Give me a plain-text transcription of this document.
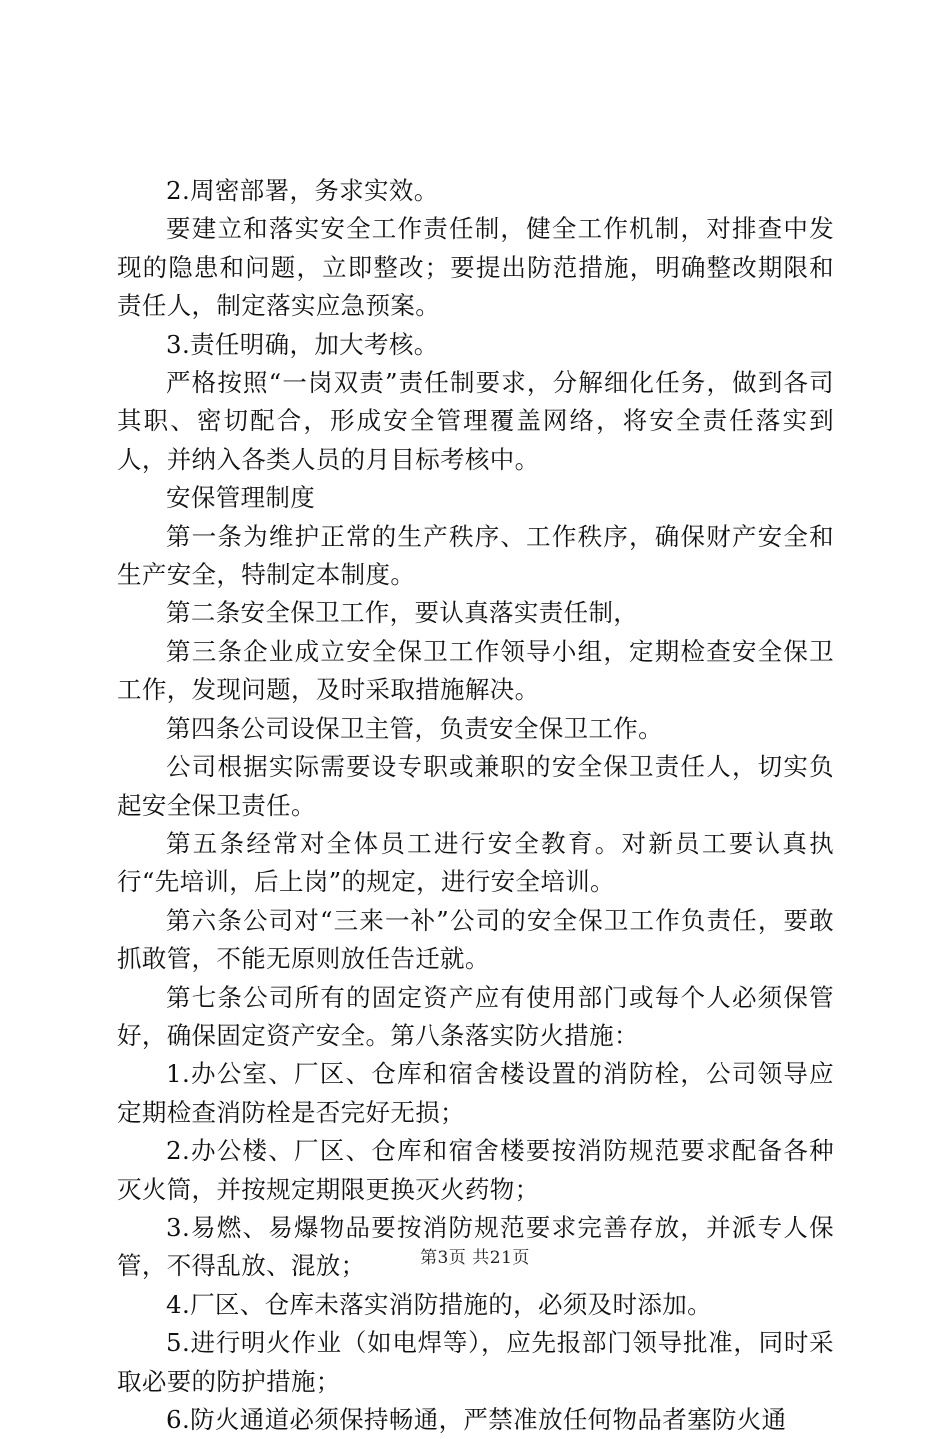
2.周密部署，务求实效。

要建立和落实安全工作责任制，健全工作机制，对排查中发现的隐患和问题，立即整改；要提出防范措施，明确整改期限和责任人，制定落实应急预案。

3.责任明确，加大考核。

严格按照“一岗双责”责任制要求，分解细化任务，做到各司其职、密切配合，形成安全管理覆盖网络，将安全责任落实到人，并纳入各类人员的月目标考核中。

安保管理制度

第一条为维护正常的生产秩序、工作秩序，确保财产安全和生产安全，特制定本制度。

第二条安全保卫工作，要认真落实责任制，

第三条企业成立安全保卫工作领导小组，定期检查安全保卫工作，发现问题，及时采取措施解决。

第四条公司设保卫主管，负责安全保卫工作。

公司根据实际需要设专职或兼职的安全保卫责任人，切实负起安全保卫责任。

第五条经常对全体员工进行安全教育。对新员工要认真执行“先培训，后上岗”的规定，进行安全培训。

第六条公司对“三来一补”公司的安全保卫工作负责任，要敢抓敢管，不能无原则放任告迁就。

第七条公司所有的固定资产应有使用部门或每个人必须保管好，确保固定资产安全。第八条落实防火措施：

1.办公室、厂区、仓库和宿舍楼设置的消防栓，公司领导应定期检查消防栓是否完好无损；

2.办公楼、厂区、仓库和宿舍楼要按消防规范要求配备各种灭火筒，并按规定期限更换灭火药物；

3.易燃、易爆物品要按消防规范要求完善存放，并派专人保管，不得乱放、混放；

4.厂区、仓库未落实消防措施的，必须及时添加。

5.进行明火作业（如电焊等），应先报部门领导批准，同时采取必要的防护措施；

6.防火通道必须保持畅通，严禁准放任何物品者塞防火通

第3页 共21页
